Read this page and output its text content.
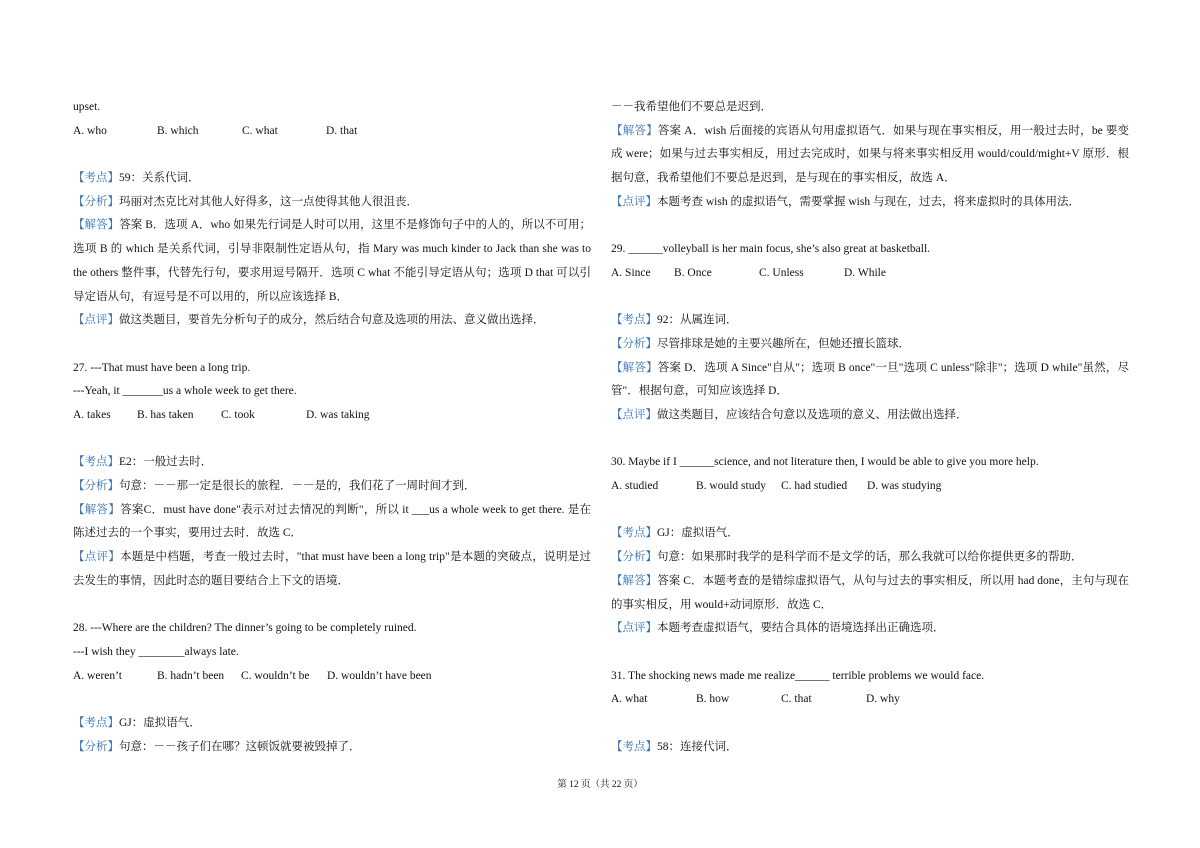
upset.
A. who	B. which	C. what	D. that
【考点】59：关系代词．
【分析】玛丽对杰克比对其他人好得多，这一点使得其他人很沮丧．
【解答】答案 B．选项 A．who 如果先行词是人时可以用，这里不是修饰句子中的人的，所以不可用；选项 B 的 which 是关系代词，引导非限制性定语从句，指 Mary was much kinder to Jack than she was to the others 整件事，代替先行句，要求用逗号隔开．选项 C what 不能引导定语从句；选项 D that 可以引导定语从句，有逗号是不可以用的，所以应该选择 B．
【点评】做这类题目，要首先分析句子的成分，然后结合句意及选项的用法、意义做出选择．
27. ---That must have been a long trip.
---Yeah, it _______us a whole week to get there.
A. takes B. has taken C. took	D. was taking
【考点】E2：一般过去时．
【分析】句意：－－那一定是很长的旅程．－－是的，我们花了一周时间才到．
【解答】答案C．must have done"表示对过去情况的判断"，所以 it ___us a whole week to get there. 是在陈述过去的一个事实，要用过去时．故选 C．
【点评】本题是中档题，考查一般过去时，"that must have been a long trip"是本题的突破点，说明是过去发生的事情，因此时态的题目要结合上下文的语境．
28. ---Where are the children? The dinner’s going to be completely ruined.
---I wish they ________always late.
A. weren’t	B. hadn’t been C. wouldn’t be D. wouldn’t have been
【考点】GJ：虚拟语气．
【分析】句意：－－孩子们在哪？这顿饭就要被毁掉了．
－－我希望他们不要总是迟到．
【解答】答案 A．wish 后面接的宾语从句用虚拟语气．如果与现在事实相反，用一般过去时，be 要变成 were；如果与过去事实相反，用过去完成时，如果与将来事实相反用 would/could/might+V 原形．根据句意，我希望他们不要总是迟到，是与现在的事实相反，故选 A．
【点评】本题考查 wish 的虚拟语气，需要掌握 wish 与现在，过去，将来虚拟时的具体用法．
29. ______volleyball is her main focus, she’s also great at basketball.
A. Since B. Once	C. Unless	D. While
【考点】92：从属连词．
【分析】尽管排球是她的主要兴趣所在，但她还擅长篮球．
【解答】答案 D．选项 A Since"自从"；选项 B once"一旦"选项 C unless"除非"；选项 D while"虽然，尽管"．根据句意，可知应该选择 D．
【点评】做这类题目，应该结合句意以及选项的意义、用法做出选择．
30. Maybe if I ______science, and not literature then, I would be able to give you more help.
A. studied	B. would study C. had studied D. was studying
【考点】GJ：虚拟语气．
【分析】句意：如果那时我学的是科学而不是文学的话，那么我就可以给你提供更多的帮助．
【解答】答案 C．本题考查的是错综虚拟语气，从句与过去的事实相反，所以用 had done，主句与现在的事实相反，用 would+动词原形．故选 C．
【点评】本题考查虚拟语气，要结合具体的语境选择出正确选项．
31. The shocking news made me realize______ terrible problems we would face.
A. what	B. how	C. that	D. why
【考点】58：连接代词．
第 12 页（共 22 页）
